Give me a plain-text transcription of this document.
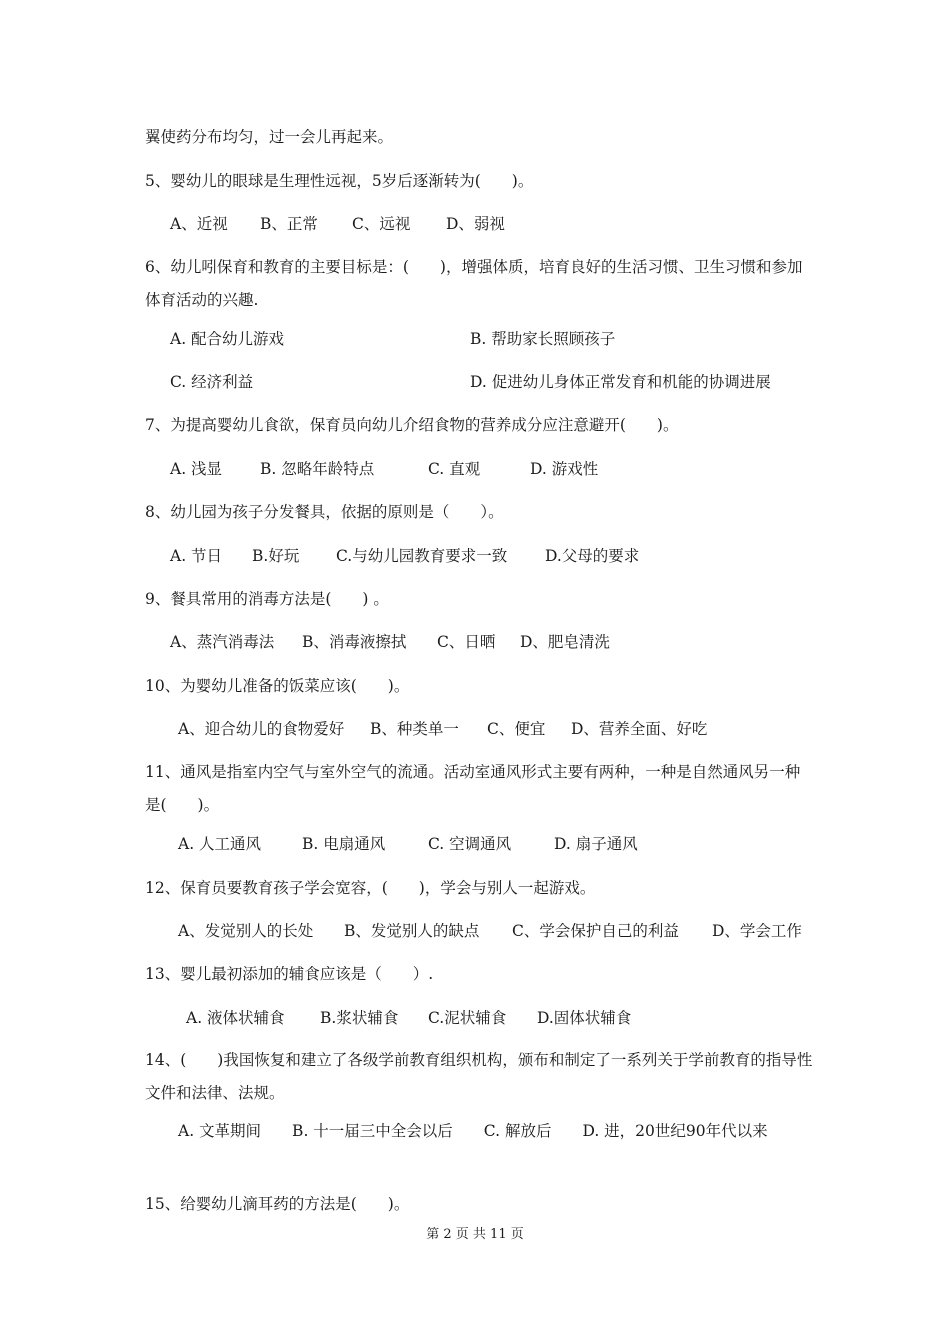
翼使药分布均匀，过一会儿再起来。
5、婴幼儿的眼球是生理性远视，5岁后逐渐转为(　　)。
A、近视 B、正常 C、远视 D、弱视
6、幼儿吲保育和教育的主要目标是：(　　)，增强体质，培育良好的生活习惯、卫生习惯和参加体育活动的兴趣.
A. 配合幼儿游戏	B. 帮助家长照顾孩子
C. 经济利益	D. 促进幼儿身体正常发育和机能的协调进展
7、为提高婴幼儿食欲，保育员向幼儿介绍食物的营养成分应注意避开(　　)。
A. 浅显 B. 忽略年龄特点	C. 直观	D. 游戏性
8、幼儿园为孩子分发餐具，依据的原则是（　　）。
A. 节日 B.好玩 C.与幼儿园教育要求一致 D.父母的要求
9、餐具常用的消毒方法是(　　) 。
A、蒸汽消毒法 B、消毒液擦拭 C、日晒 D、肥皂清洗
10、为婴幼儿准备的饭菜应该(　　)。
A、迎合幼儿的食物爱好 B、种类单一 C、便宜 D、营养全面、好吃
11、通风是指室内空气与室外空气的流通。活动室通风形式主要有两种，一种是自然通风另一种是(　　)。
A. 人工通风	B. 电扇通风	C. 空调通风	D. 扇子通风
12、保育员要教育孩子学会宽容，(　　)，学会与别人一起游戏。
A、发觉别人的长处 B、发觉别人的缺点 C、学会保护自己的利益 D、学会工作
13、婴儿最初添加的辅食应该是（　　）.
A. 液体状辅食 B.浆状辅食 C.泥状辅食 D.固体状辅食
14、(　　)我国恢复和建立了各级学前教育组织机构，颁布和制定了一系列关于学前教育的指导性文件和法律、法规。
A. 文革期间　　B. 十一届三中全会以后　　C. 解放后　　D. 进，20世纪90年代以来
15、给婴幼儿滴耳药的方法是(　　)。
第 2 页 共 11 页
